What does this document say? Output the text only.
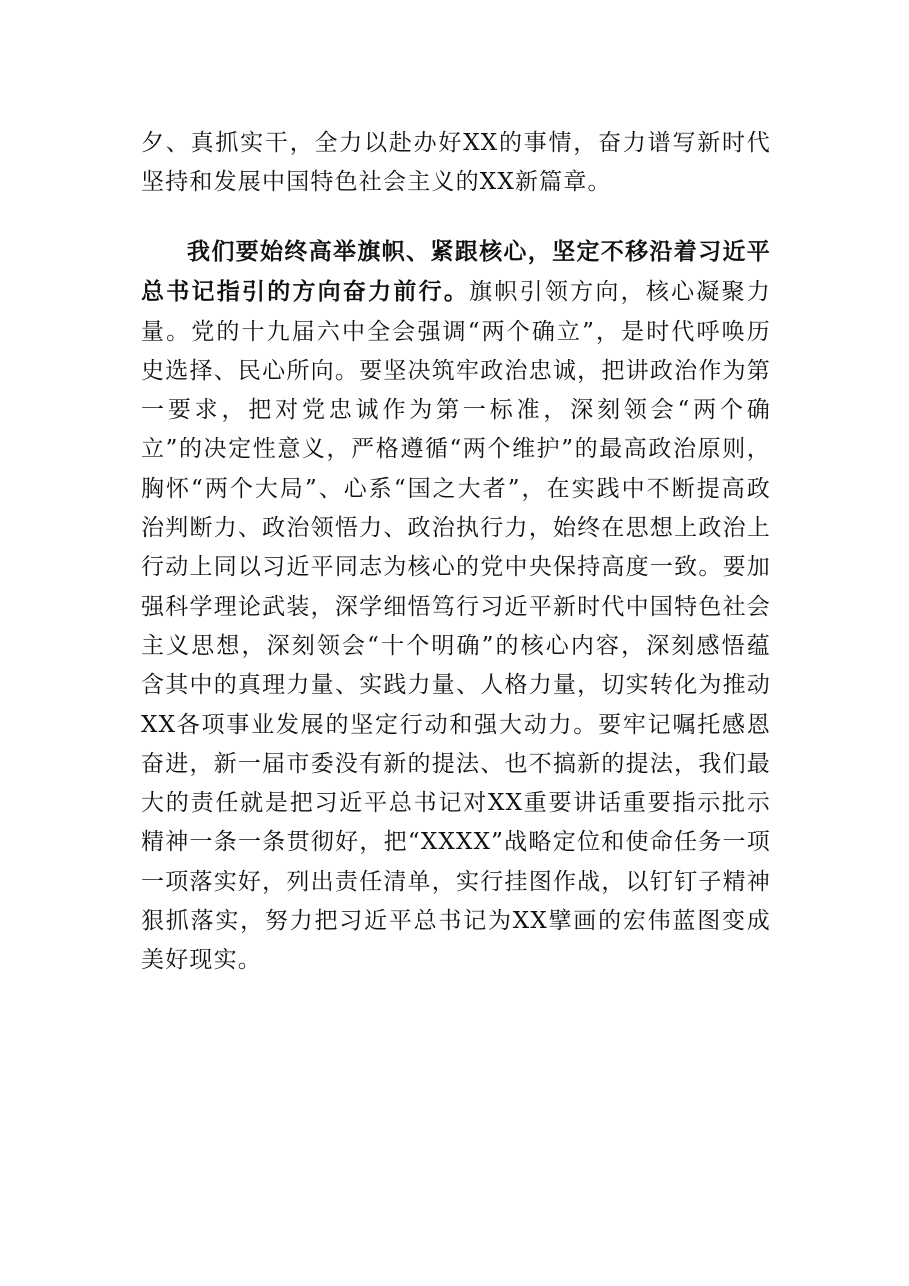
夕、真抓实干，全力以赴办好XX的事情，奋力谱写新时代坚持和发展中国特色社会主义的XX新篇章。
我们要始终高举旗帜、紧跟核心，坚定不移沿着习近平总书记指引的方向奋力前行。旗帜引领方向，核心凝聚力量。党的十九届六中全会强调“两个确立”，是时代呼唤历史选择、民心所向。要坚决筑牢政治忠诚，把讲政治作为第一要求，把对党忠诚作为第一标准，深刻领会“两个确立”的决定性意义，严格遵循“两个维护”的最高政治原则，胸怀“两个大局”、心系“国之大者”，在实践中不断提高政治判断力、政治领悟力、政治执行力，始终在思想上政治上行动上同以习近平同志为核心的党中央保持高度一致。要加强科学理论武装，深学细悟笃行习近平新时代中国特色社会主义思想，深刻领会“十个明确”的核心内容，深刻感悟蕴含其中的真理力量、实践力量、人格力量，切实转化为推动XX各项事业发展的坚定行动和强大动力。要牢记嘱托感恩奋进，新一届市委没有新的提法、也不搞新的提法，我们最大的责任就是把习近平总书记对XX重要讲话重要指示批示精神一条一条贯彻好，把“XXXX”战略定位和使命任务一项一项落实好，列出责任清单，实行挂图作战，以钉钉子精神狠抓落实，努力把习近平总书记为XX擘画的宏伟蓝图变成美好现实。
